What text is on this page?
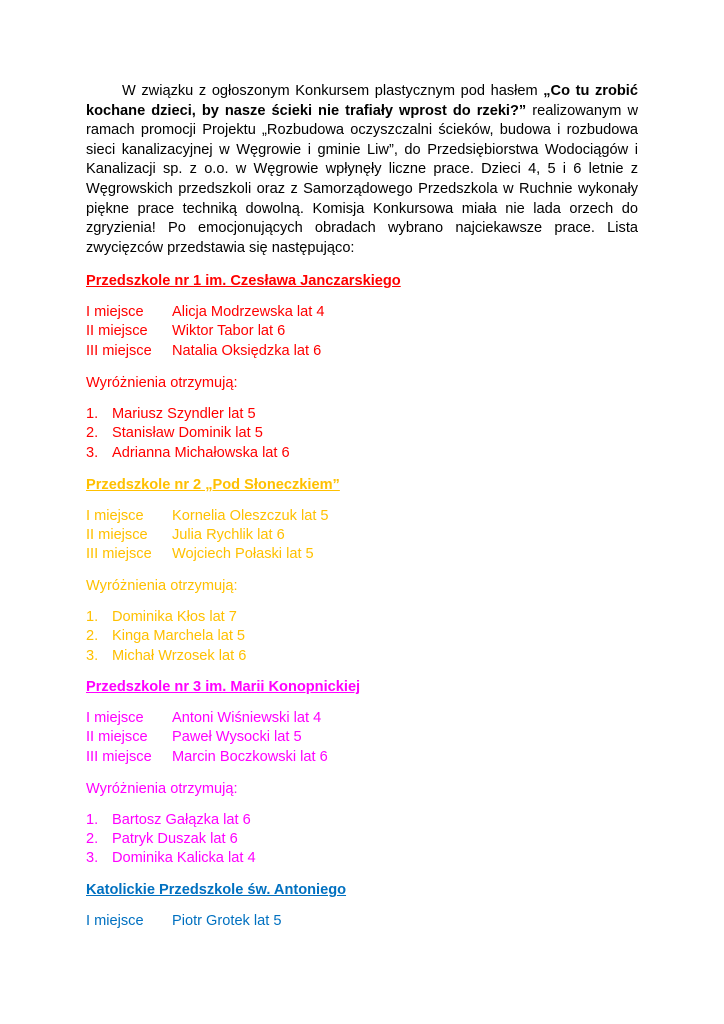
W związku z ogłoszonym Konkursem plastycznym pod hasłem „Co tu zrobić kochane dzieci, by nasze ścieki nie trafiały wprost do rzeki?” realizowanym w ramach promocji Projektu „Rozbudowa oczyszczalni ścieków, budowa i rozbudowa sieci kanalizacyjnej w Węgrowie i gminie Liw”, do Przedsiębiorstwa Wodociągów i Kanalizacji sp. z o.o. w Węgrowie wpłynęły liczne prace. Dzieci 4, 5 i 6 letnie z Węgrowskich przedszkoli oraz z Samorządowego Przedszkola w Ruchnie wykonały piękne prace techniką dowolną. Komisja Konkursowa miała nie lada orzech do zgryzienia! Po emocjonujących obradach wybrano najciekawsze prace. Lista zwycięzców przedstawia się następująco:

Przedszkole nr 1 im. Czesława Janczarskiego
I miejsce Alicja Modrzewska lat 4
II miejsce Wiktor Tabor lat 6
III miejsce Natalia Oksiędzka lat 6
Wyróżnienia otrzymują:
1. Mariusz Szyndler lat 5
2. Stanisław Dominik lat 5
3. Adrianna Michałowska lat 6
Przedszkole nr 2 „Pod Słoneczkiem”
I miejsce Kornelia Oleszczuk lat 5
II miejsce Julia Rychlik lat 6
III miejsce Wojciech Połaski lat 5
Wyróżnienia otrzymują:
1. Dominika Kłos lat 7
2. Kinga Marchela lat 5
3. Michał Wrzosek lat 6
Przedszkole nr 3 im. Marii Konopnickiej
I miejsce Antoni Wiśniewski lat 4
II miejsce Paweł Wysocki lat 5
III miejsce Marcin Boczkowski lat 6
Wyróżnienia otrzymują:
1. Bartosz Gałązka lat 6
2. Patryk Duszak lat 6
3. Dominika Kalicka lat 4
Katolickie Przedszkole św. Antoniego
I miejsce Piotr Grotek lat 5
